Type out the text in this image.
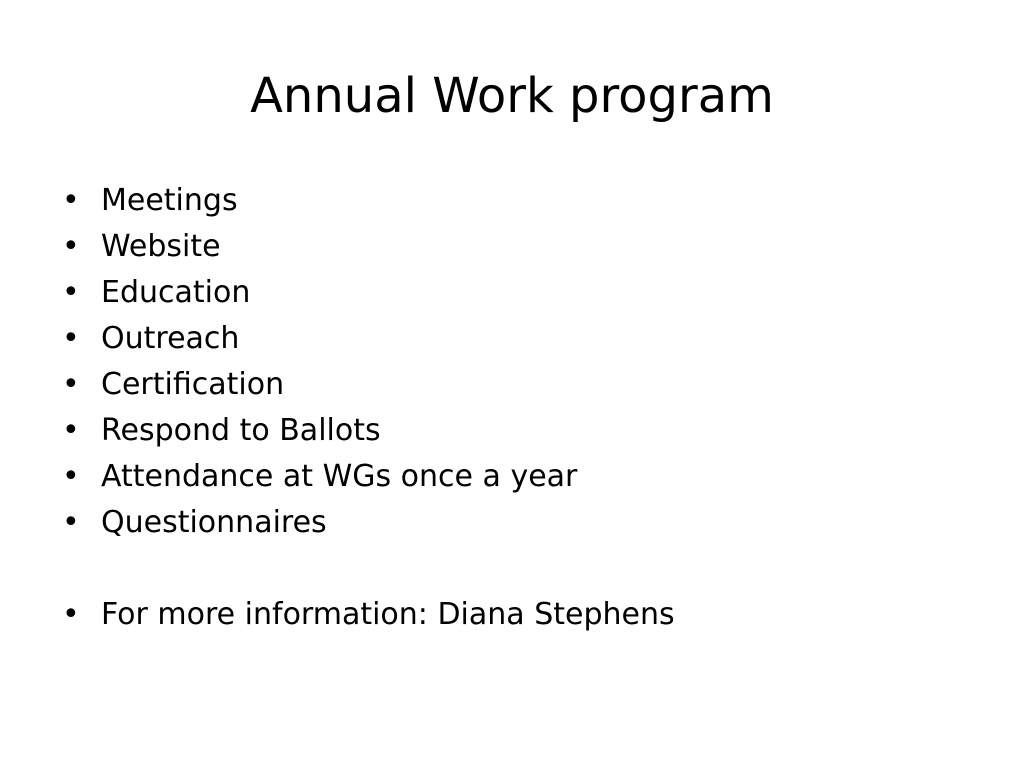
Annual Work program
• Meetings
• Website
• Education
• Outreach
• Certification
• Respond to Ballots
• Attendance at WGs once a year
• Questionnaires
• For more information: Diana Stephens
